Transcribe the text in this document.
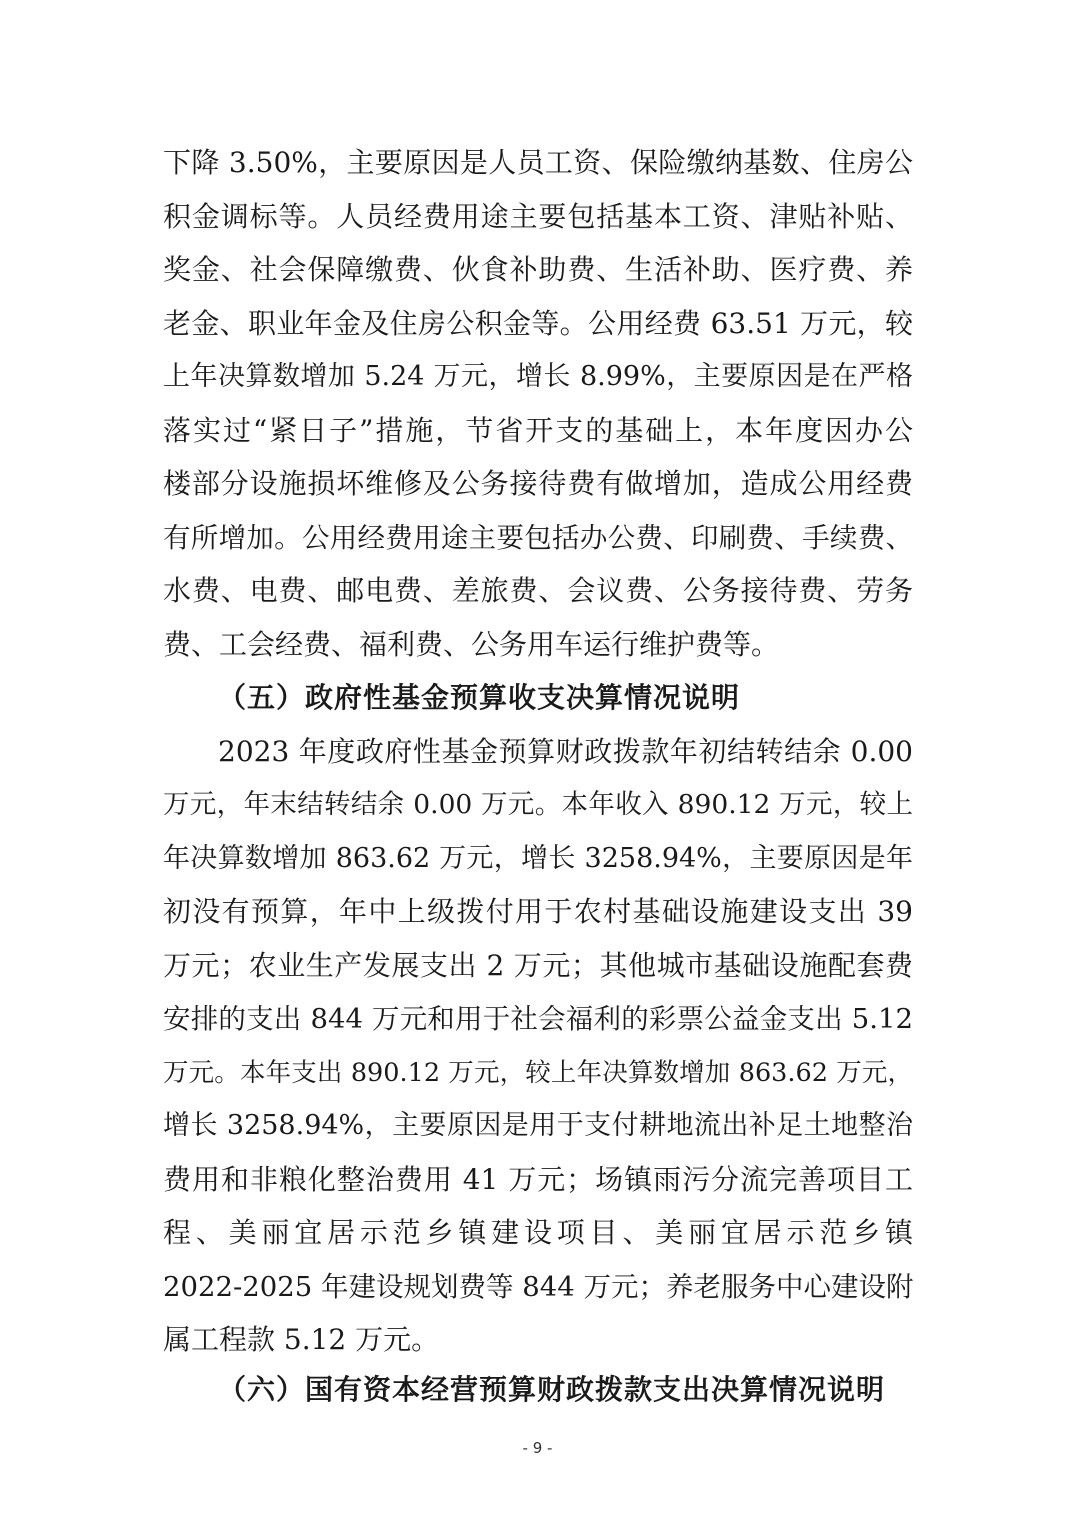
下降 3.50%，主要原因是人员工资、保险缴纳基数、住房公
积金调标等。人员经费用途主要包括基本工资、津贴补贴、
奖金、社会保障缴费、伙食补助费、生活补助、医疗费、养
老金、职业年金及住房公积金等。公用经费 63.51 万元，较
上年决算数增加 5.24 万元，增长 8.99%，主要原因是在严格
落实过“紧日子”措施，节省开支的基础上，本年度因办公
楼部分设施损坏维修及公务接待费有做增加，造成公用经费
有所增加。公用经费用途主要包括办公费、印刷费、手续费、
水费、电费、邮电费、差旅费、会议费、公务接待费、劳务
费、工会经费、福利费、公务用车运行维护费等。
（五）政府性基金预算收支决算情况说明
2023 年度政府性基金预算财政拨款年初结转结余 0.00
万元，年末结转结余 0.00 万元。本年收入 890.12 万元，较上
年决算数增加 863.62 万元，增长 3258.94%，主要原因是年
初没有预算，年中上级拨付用于农村基础设施建设支出 39
万元；农业生产发展支出 2 万元；其他城市基础设施配套费
安排的支出 844 万元和用于社会福利的彩票公益金支出 5.12
万元。本年支出 890.12 万元，较上年决算数增加 863.62 万元，
增长 3258.94%，主要原因是用于支付耕地流出补足土地整治
费用和非粮化整治费用 41 万元；场镇雨污分流完善项目工
程、美丽宜居示范乡镇建设项目、美丽宜居示范乡镇
2022-2025 年建设规划费等 844 万元；养老服务中心建设附
属工程款 5.12 万元。
（六）国有资本经营预算财政拨款支出决算情况说明
- 9 -
